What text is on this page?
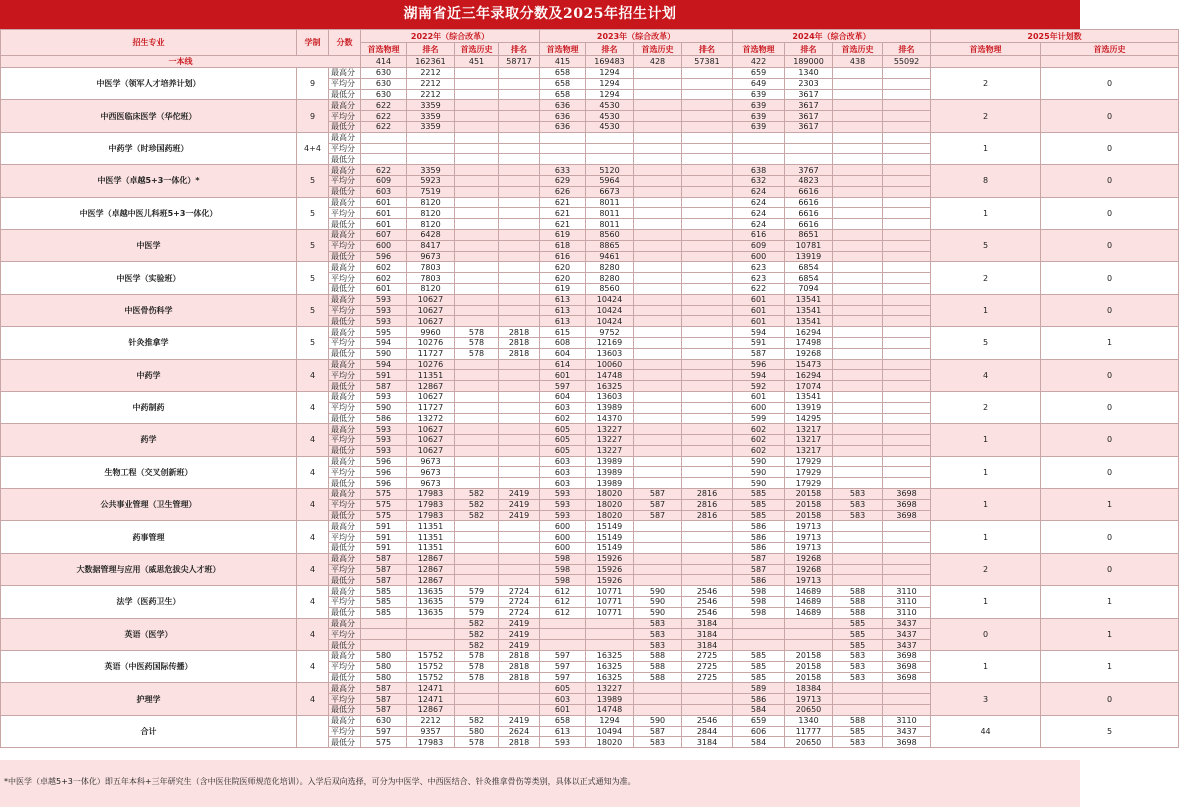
湖南省近三年录取分数及2025年招生计划
招生专业	学制	分数	2022年（综合改革）				2023年（综合改革）				2024年（综合改革）				2025年计划数	
			首选物理	排名	首选历史	排名	首选物理	排名	首选历史	排名	首选物理	排名	首选历史	排名	首选物理	首选历史
一本线			414	162361	451	58717	415	169483	428	57381	422	189000	438	55092		
中医学（领军人才培养计划）	9	最高分	630	2212			658	1294			659	1340			2	0
		平均分	630	2212			658	1294			649	2303				
		最低分	630	2212			658	1294			639	3617				
中西医临床医学（华佗班）	9	最高分	622	3359			636	4530			639	3617			2	0
		平均分	622	3359			636	4530			639	3617				
		最低分	622	3359			636	4530			639	3617				
中药学（时珍国药班）	4+4	最高分													1	0
		平均分														
		最低分														
中医学（卓越5+3一体化）*	5	最高分	622	3359			633	5120			638	3767			8	0
		平均分	609	5923			629	5964			632	4823				
		最低分	603	7519			626	6673			624	6616				
中医学（卓越中医儿科班5+3一体化）	5	最高分	601	8120			621	8011			624	6616			1	0
		平均分	601	8120			621	8011			624	6616				
		最低分	601	8120			621	8011			624	6616				
中医学	5	最高分	607	6428			619	8560			616	8651			5	0
		平均分	600	8417			618	8865			609	10781				
		最低分	596	9673			616	9461			600	13919				
中医学（实验班）	5	最高分	602	7803			620	8280			623	6854			2	0
		平均分	602	7803			620	8280			623	6854				
		最低分	601	8120			619	8560			622	7094				
中医骨伤科学	5	最高分	593	10627			613	10424			601	13541			1	0
		平均分	593	10627			613	10424			601	13541				
		最低分	593	10627			613	10424			601	13541				
针灸推拿学	5	最高分	595	9960	578	2818	615	9752			594	16294			5	1
		平均分	594	10276	578	2818	608	12169			591	17498				
		最低分	590	11727	578	2818	604	13603			587	19268				
中药学	4	最高分	594	10276			614	10060			596	15473			4	0
		平均分	591	11351			601	14748			594	16294				
		最低分	587	12867			597	16325			592	17074				
中药制药	4	最高分	593	10627			604	13603			601	13541			2	0
		平均分	590	11727			603	13989			600	13919				
		最低分	586	13272			602	14370			599	14295				
药学	4	最高分	593	10627			605	13227			602	13217			1	0
		平均分	593	10627			605	13227			602	13217				
		最低分	593	10627			605	13227			602	13217				
生物工程（交叉创新班）	4	最高分	596	9673			603	13989			590	17929			1	0
		平均分	596	9673			603	13989			590	17929				
		最低分	596	9673			603	13989			590	17929				
公共事业管理（卫生管理）	4	最高分	575	17983	582	2419	593	18020	587	2816	585	20158	583	3698	1	1
		平均分	575	17983	582	2419	593	18020	587	2816	585	20158	583	3698		
		最低分	575	17983	582	2419	593	18020	587	2816	585	20158	583	3698		
药事管理	4	最高分	591	11351			600	15149			586	19713			1	0
		平均分	591	11351			600	15149			586	19713				
		最低分	591	11351			600	15149			586	19713				
大数据管理与应用（威思危拔尖人才班）	4	最高分	587	12867			598	15926			587	19268			2	0
		平均分	587	12867			598	15926			587	19268				
		最低分	587	12867			598	15926			586	19713				
法学（医药卫生）	4	最高分	585	13635	579	2724	612	10771	590	2546	598	14689	588	3110	1	1
		平均分	585	13635	579	2724	612	10771	590	2546	598	14689	588	3110		
		最低分	585	13635	579	2724	612	10771	590	2546	598	14689	588	3110		
英语（医学）	4	最高分			582	2419			583	3184			585	3437	0	1
		平均分			582	2419			583	3184			585	3437		
		最低分			582	2419			583	3184			585	3437		
英语（中医药国际传播）	4	最高分	580	15752	578	2818	597	16325	588	2725	585	20158	583	3698	1	1
		平均分	580	15752	578	2818	597	16325	588	2725	585	20158	583	3698		
		最低分	580	15752	578	2818	597	16325	588	2725	585	20158	583	3698		
护理学	4	最高分	587	12471			605	13227			589	18384			3	0
		平均分	587	12471			603	13989			586	19713				
		最低分	587	12867			601	14748			584	20650				
合计		最高分	630	2212	582	2419	658	1294	590	2546	659	1340	588	3110	44	5
		平均分	597	9357	580	2624	613	10494	587	2844	606	11777	585	3437		
		最低分	575	17983	578	2818	593	18020	583	3184	584	20650	583	3698		
*中医学（卓越5+3一体化）即五年本科+三年研究生（含中医住院医师规范化培训）。入学后双向选择，可分为中医学、中西医结合、针灸推拿骨伤等类别，具体以正式通知为准。
